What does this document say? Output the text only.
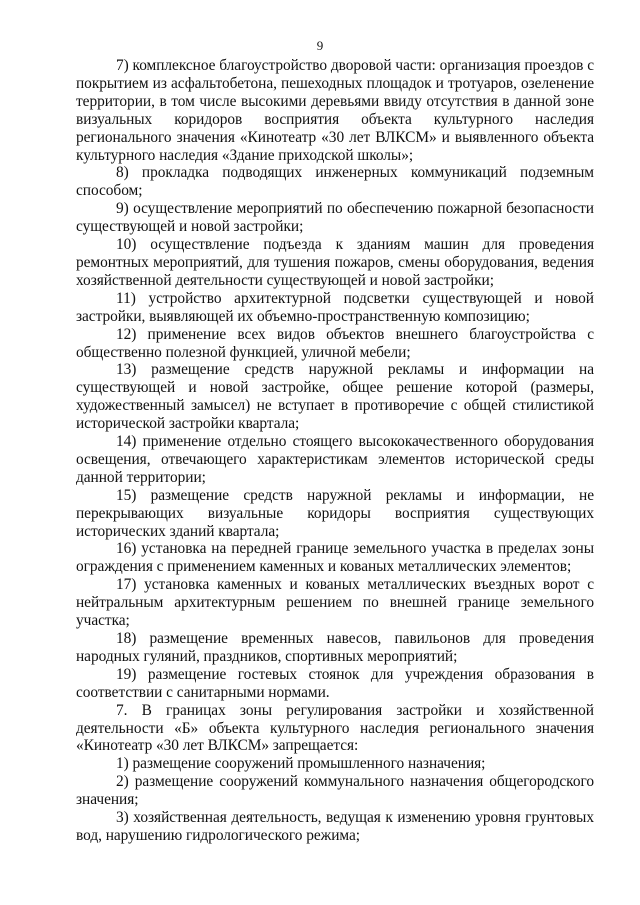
9

7) комплексное благоустройство дворовой части: организация проездов с покрытием из асфальтобетона, пешеходных площадок и тротуаров, озеленение территории, в том числе высокими деревьями ввиду отсутствия в данной зоне визуальных коридоров восприятия объекта культурного наследия регионального значения «Кинотеатр «30 лет ВЛКСМ» и выявленного объекта культурного наследия «Здание приходской школы»;

8) прокладка подводящих инженерных коммуникаций подземным способом;

9) осуществление мероприятий по обеспечению пожарной безопасности существующей и новой застройки;

10) осуществление подъезда к зданиям машин для проведения ремонтных мероприятий, для тушения пожаров, смены оборудования, ведения хозяйственной деятельности существующей и новой застройки;

11) устройство архитектурной подсветки существующей и новой застройки, выявляющей их объемно-пространственную композицию;

12) применение всех видов объектов внешнего благоустройства с общественно полезной функцией, уличной мебели;

13) размещение средств наружной рекламы и информации на существующей и новой застройке, общее решение которой (размеры, художественный замысел) не вступает в противоречие с общей стилистикой исторической застройки квартала;

14) применение отдельно стоящего высококачественного оборудования освещения, отвечающего характеристикам элементов исторической среды данной территории;

15) размещение средств наружной рекламы и информации, не перекрывающих визуальные коридоры восприятия существующих исторических зданий квартала;

16) установка на передней границе земельного участка в пределах зоны ограждения с применением каменных и кованых металлических элементов;

17) установка каменных и кованых металлических въездных ворот с нейтральным архитектурным решением по внешней границе земельного участка;

18) размещение временных навесов, павильонов для проведения народных гуляний, праздников, спортивных мероприятий;

19) размещение гостевых стоянок для учреждения образования в соответствии с санитарными нормами.

7. В границах зоны регулирования застройки и хозяйственной деятельности «Б» объекта культурного наследия регионального значения «Кинотеатр «30 лет ВЛКСМ» запрещается:

1) размещение сооружений промышленного назначения;

2) размещение сооружений коммунального назначения общегородского значения;

3) хозяйственная деятельность, ведущая к изменению уровня грунтовых вод, нарушению гидрологического режима;
